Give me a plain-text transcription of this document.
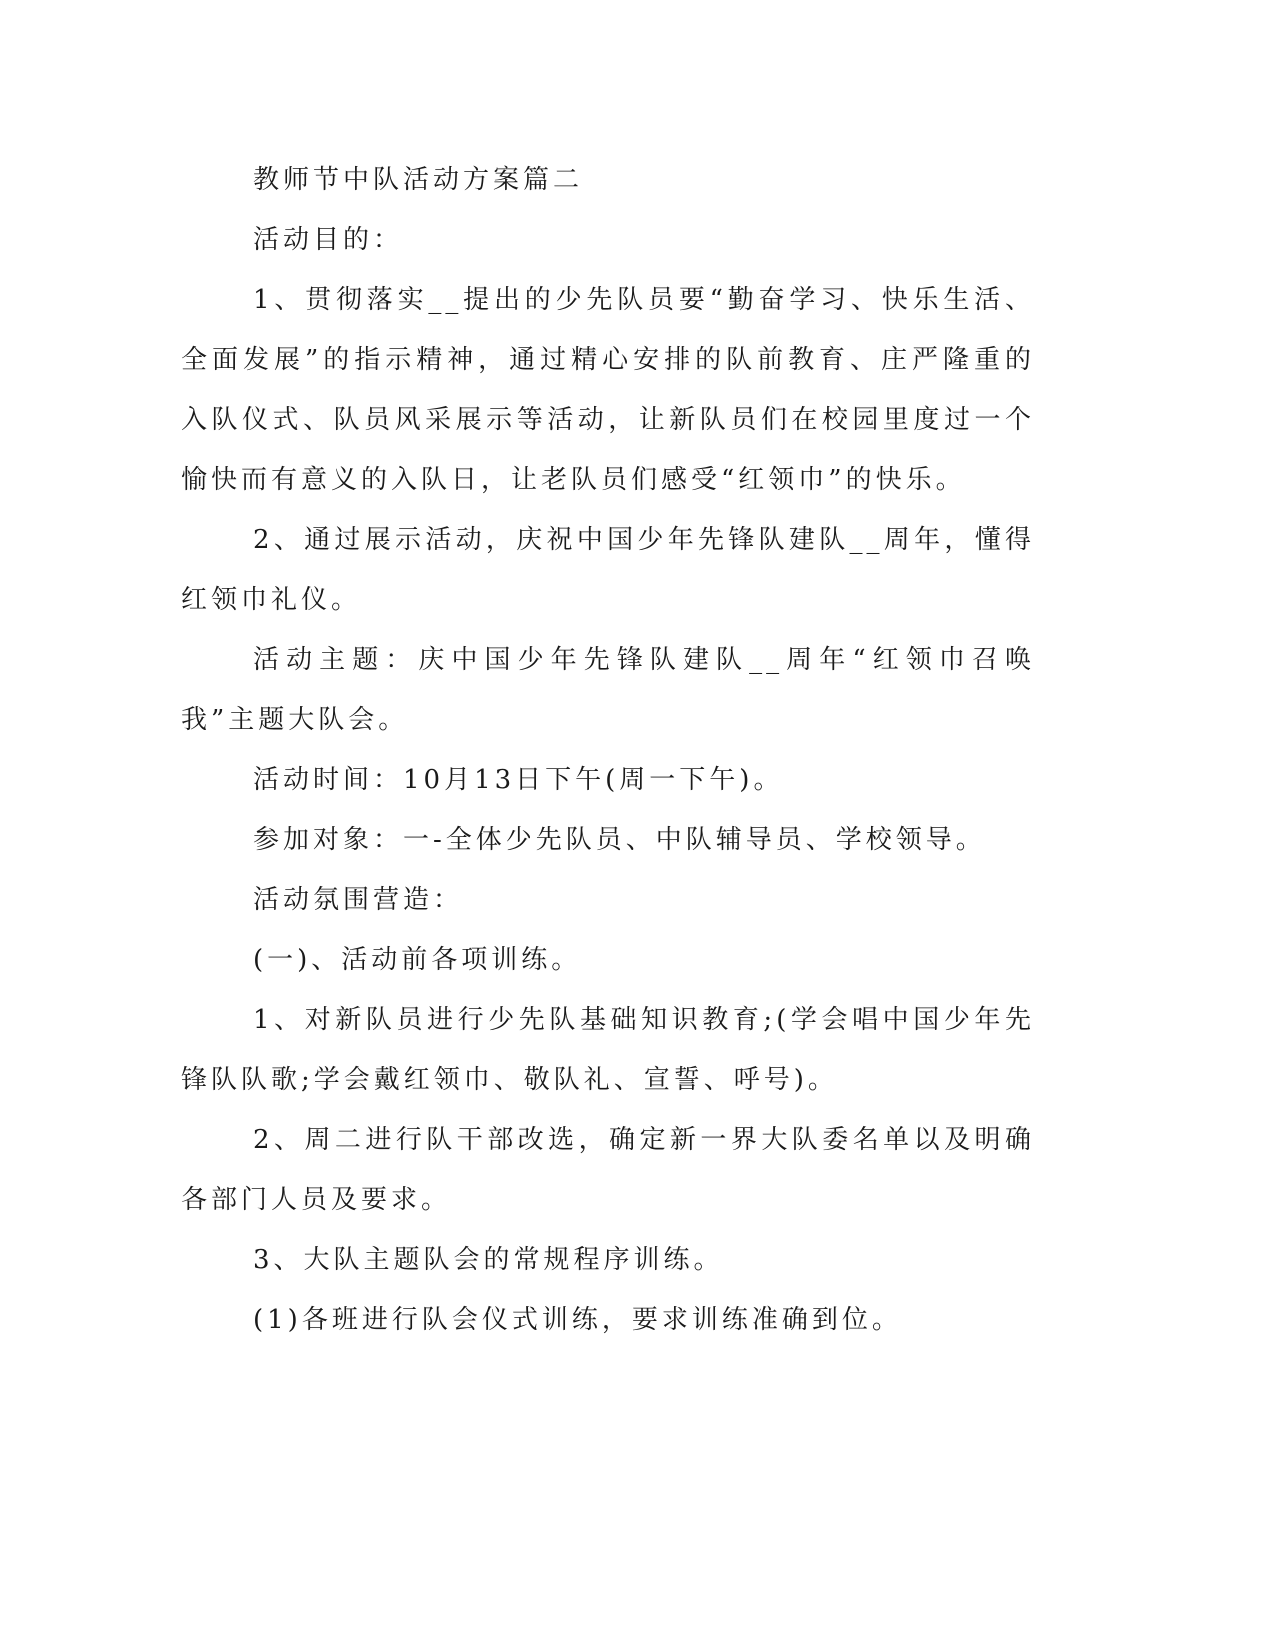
教师节中队活动方案篇二

活动目的：

1、贯彻落实__提出的少先队员要“勤奋学习、快乐生活、全面发展”的指示精神，通过精心安排的队前教育、庄严隆重的入队仪式、队员风采展示等活动，让新队员们在校园里度过一个愉快而有意义的入队日，让老队员们感受“红领巾”的快乐。

2、通过展示活动，庆祝中国少年先锋队建队__周年，懂得红领巾礼仪。

活动主题：庆中国少年先锋队建队__周年“红领巾召唤我”主题大队会。

活动时间：10月13日下午(周一下午)。

参加对象：一-全体少先队员、中队辅导员、学校领导。

活动氛围营造：

(一)、活动前各项训练。

1、对新队员进行少先队基础知识教育;(学会唱中国少年先锋队队歌;学会戴红领巾、敬队礼、宣誓、呼号)。

2、周二进行队干部改选，确定新一界大队委名单以及明确各部门人员及要求。

3、大队主题队会的常规程序训练。

(1)各班进行队会仪式训练，要求训练准确到位。
